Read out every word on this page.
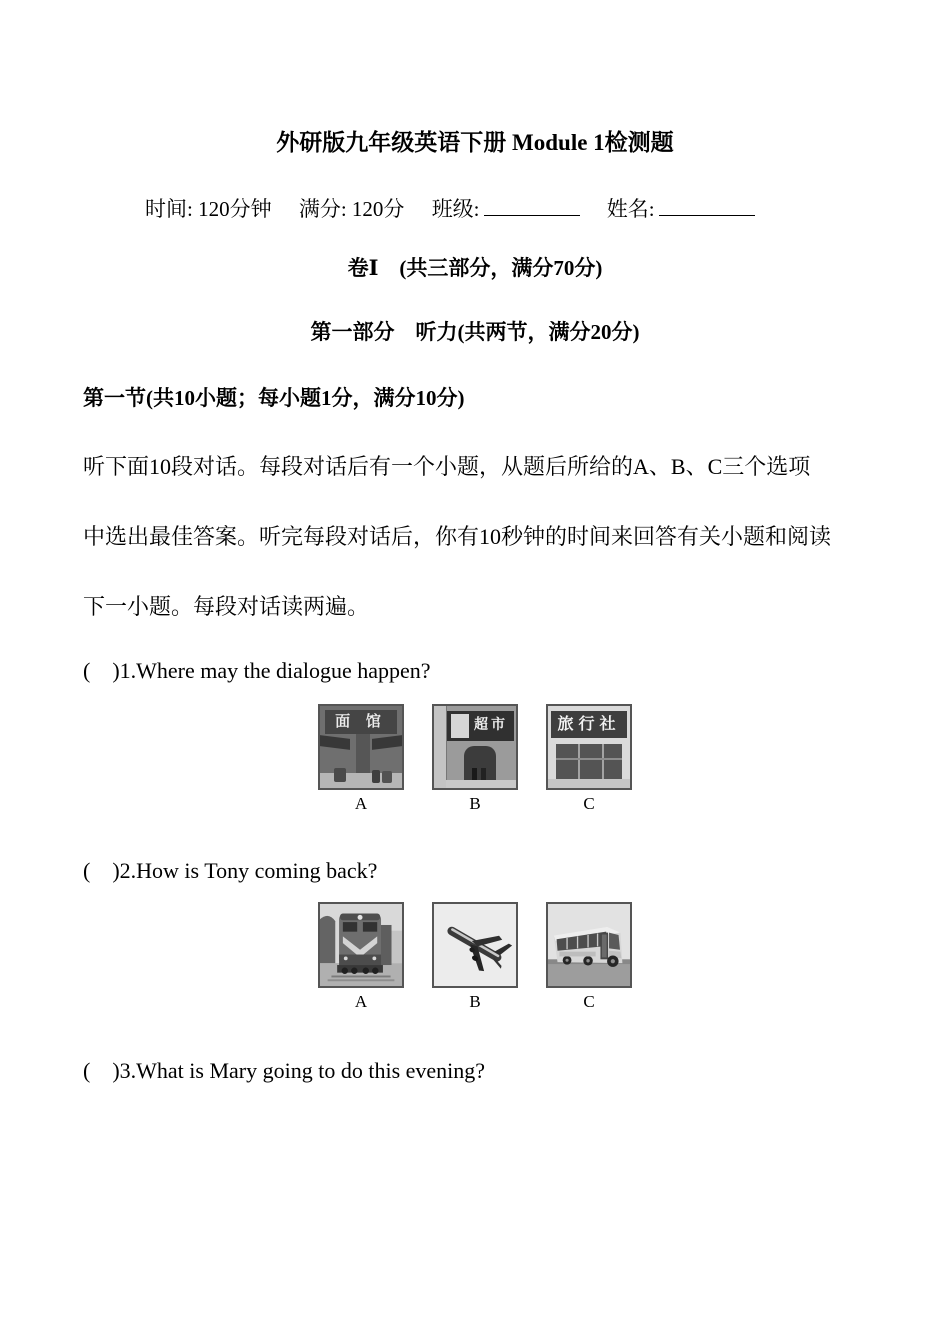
外研版九年级英语下册 Module 1检测题
时间: 120分钟 满分: 120分 班级:	姓名:
卷Ⅰ　(共三部分，满分70分)
第一部分　听力(共两节，满分20分)
第一节(共10小题；每小题1分，满分10分)

听下面10段对话。每段对话后有一个小题，从题后所给的A、B、C三个选项

中选出最佳答案。听完每段对话后，你有10秒钟的时间来回答有关小题和阅读

下一小题。每段对话读两遍。

(　)1.Where may the dialogue happen?
面 馆
A
超市
B
旅行社
C
(　)2.How is Tony coming back?
A	B	C
(　)3.What is Mary going to do this evening?
